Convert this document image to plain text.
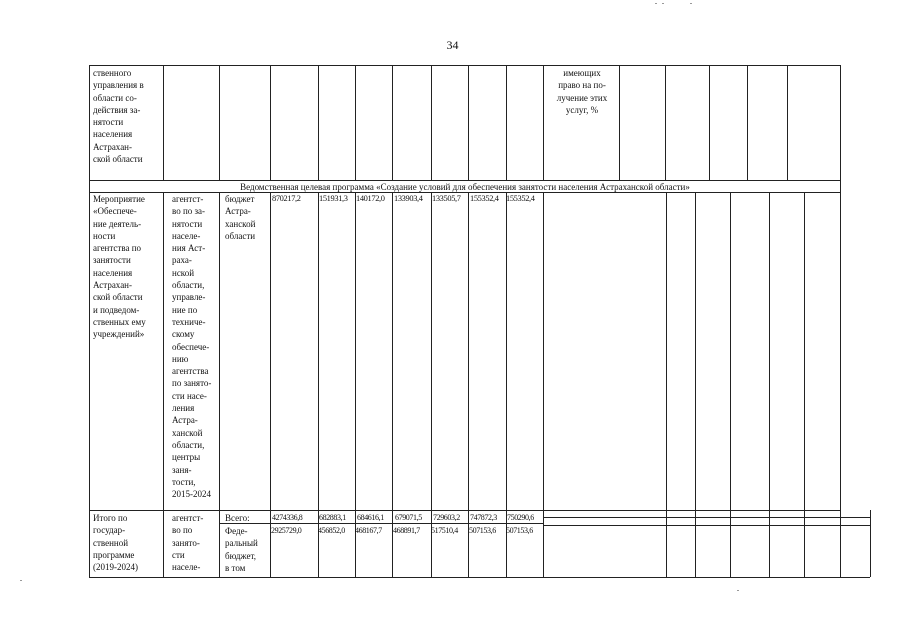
34
ственного
управления в
области со-
действия за-
нятости
населения
Астрахан-
ской области
имеющих
право на по-
лучение этих
услуг, %
Ведомственная целевая программа «Создание условий для обеспечения занятости населения Астраханской области»
Мероприятие
«Обеспече-
ние деятель-
ности
агентства по
занятости
населения
Астрахан-
ской области
и подведом-
ственных ему
учреждений»
агентст-
во по за-
нятости
населе-
ния Аст-
раха-
нской
области,
управле-
ние по
техниче-
скому
обеспече-
нию
агентства
по занято-
сти насе-
ления
Астра-
ханской
области,
центры
заня-
тости,
2015-2024
бюджет
Астра-
ханской
области
870217,2 151931,3 140172,0 133903,4 133505,7 155352,4 155352,4
Итого по
государ-
ственной
программе
(2019-2024)
агентст-
во по
занято-
сти
населе-
Всего:
Феде-
ральный
бюджет,
в том
4274336,8 682883,1 684616,1 679071,5 729603,2 747872,3 750290,6
2925729,0 456852,0 468167,7 468891,7 517510,4 507153,6 507153,6
